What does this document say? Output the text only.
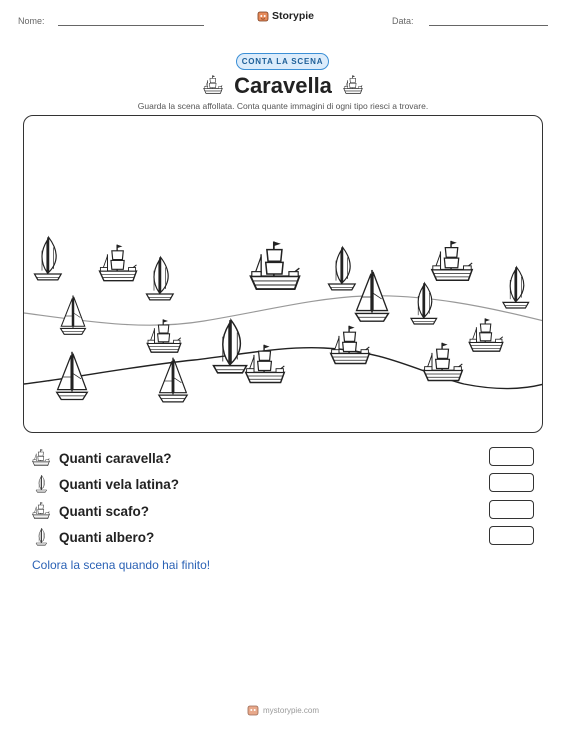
Nome:	Storypie	Data:
CONTA LA SCENA
Caravella
Guarda la scena affollata. Conta quante immagini di ogni tipo riesci a trovare.
Quanti caravella?
Quanti vela latina?
Quanti scafo?
Quanti albero?
Colora la scena quando hai finito!
mystorypie.com
